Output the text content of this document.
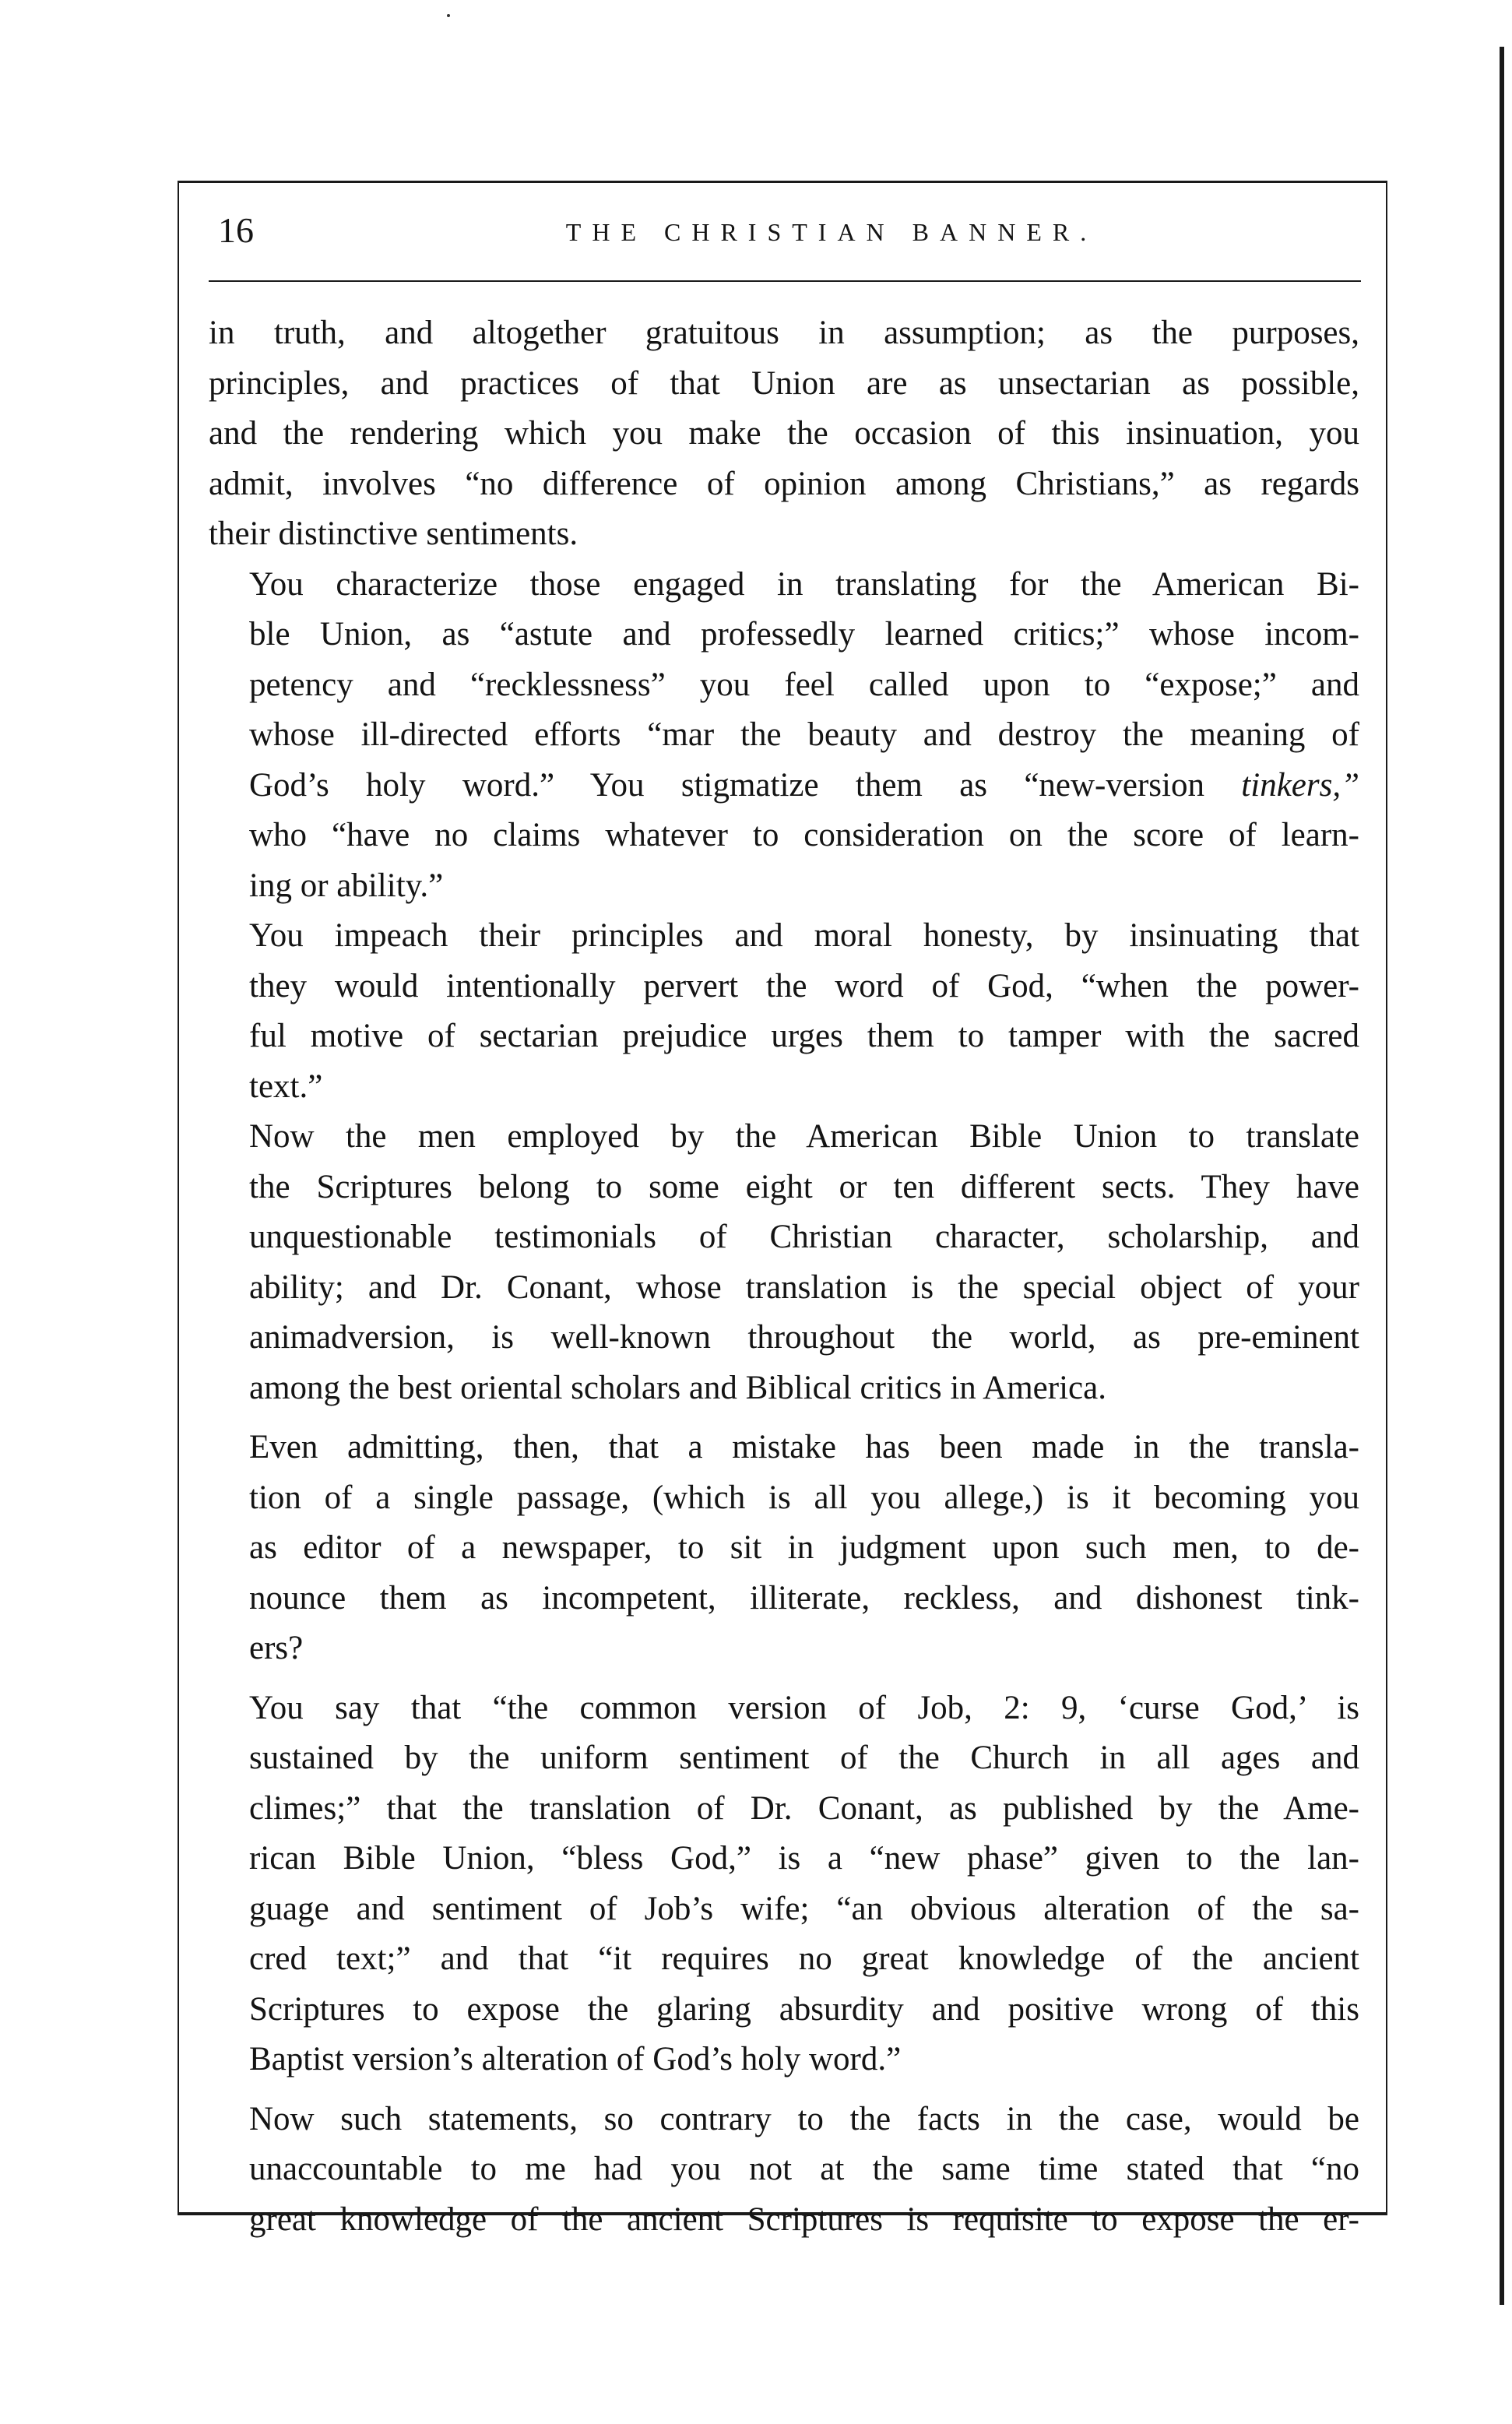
16	THE CHRISTIAN BANNER.

in truth, and altogether gratuitous in assumption; as the purposes,
principles, and practices of that Union are as unsectarian as possible,
and the rendering which you make the occasion of this insinuation, you
admit, involves “no difference of opinion among Christians,” as regards
their distinctive sentiments.

You characterize those engaged in translating for the American Bi-
ble Union, as “astute and professedly learned critics;” whose incom-
petency and “recklessness” you feel called upon to “expose;” and
whose ill-directed efforts “mar the beauty and destroy the meaning of
God’s holy word.” You stigmatize them as “new-version tinkers,”
who “have no claims whatever to consideration on the score of learn-
ing or ability.”

You impeach their principles and moral honesty, by insinuating that
they would intentionally pervert the word of God, “when the power-
ful motive of sectarian prejudice urges them to tamper with the sacred
text.”

Now the men employed by the American Bible Union to translate
the Scriptures belong to some eight or ten different sects. They have
unquestionable testimonials of Christian character, scholarship, and
ability; and Dr. Conant, whose translation is the special object of your
animadversion, is well-known throughout the world, as pre-eminent
among the best oriental scholars and Biblical critics in America.

Even admitting, then, that a mistake has been made in the transla-
tion of a single passage, (which is all you allege,) is it becoming you
as editor of a newspaper, to sit in judgment upon such men, to de-
nounce them as incompetent, illiterate, reckless, and dishonest tink-
ers?

You say that “the common version of Job, 2: 9, ‘curse God,’ is
sustained by the uniform sentiment of the Church in all ages and
climes;” that the translation of Dr. Conant, as published by the Ame-
rican Bible Union, “bless God,” is a “new phase” given to the lan-
guage and sentiment of Job’s wife; “an obvious alteration of the sa-
cred text;” and that “it requires no great knowledge of the ancient
Scriptures to expose the glaring absurdity and positive wrong of this
Baptist version’s alteration of God’s holy word.”

Now such statements, so contrary to the facts in the case, would be
unaccountable to me had you not at the same time stated that “no
great knowledge of the ancient Scriptures is requisite to expose the er-
